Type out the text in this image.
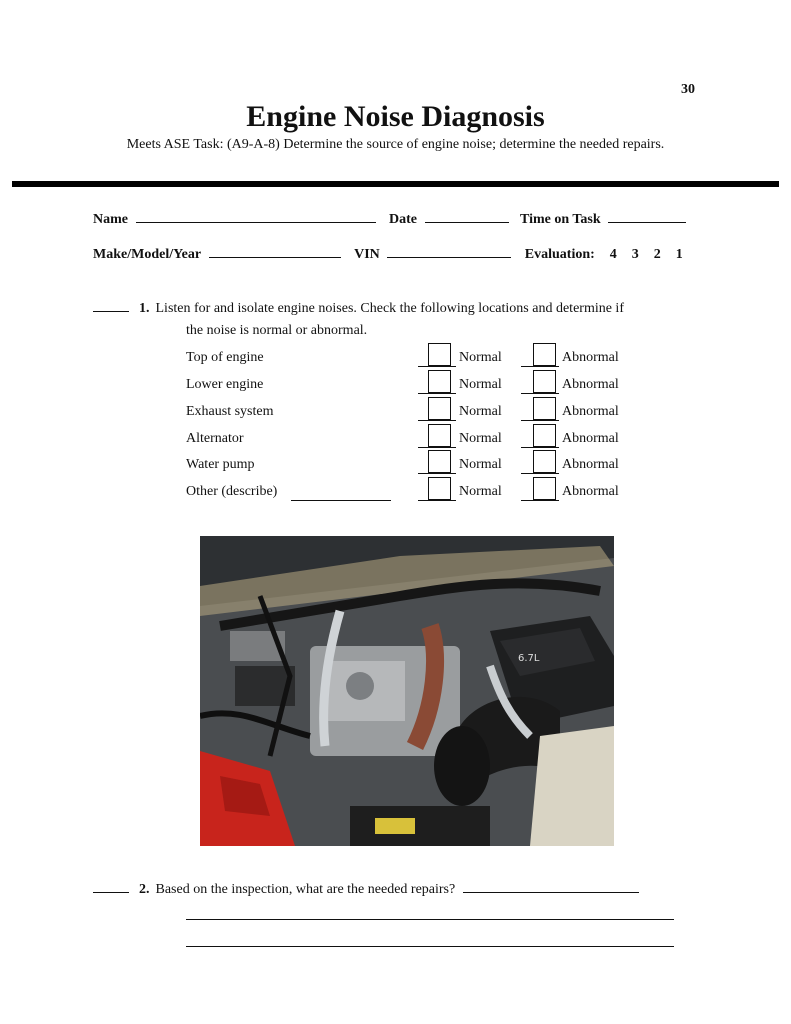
30
Engine Noise Diagnosis
Meets ASE Task: (A9-A-8) Determine the source of engine noise; determine the needed repairs.
Name	Date	Time on Task
Make/Model/Year	VIN	Evaluation: 4 3 2 1
1. Listen for and isolate engine noises. Check the following locations and determine if
the noise is normal or abnormal.
Top of engine	Normal	Abnormal
Lower engine	Normal	Abnormal
Exhaust system	Normal	Abnormal
Alternator	Normal	Abnormal
Water pump	Normal	Abnormal
Other (describe)	Normal	Abnormal
6.7L
2. Based on the inspection, what are the needed repairs?
